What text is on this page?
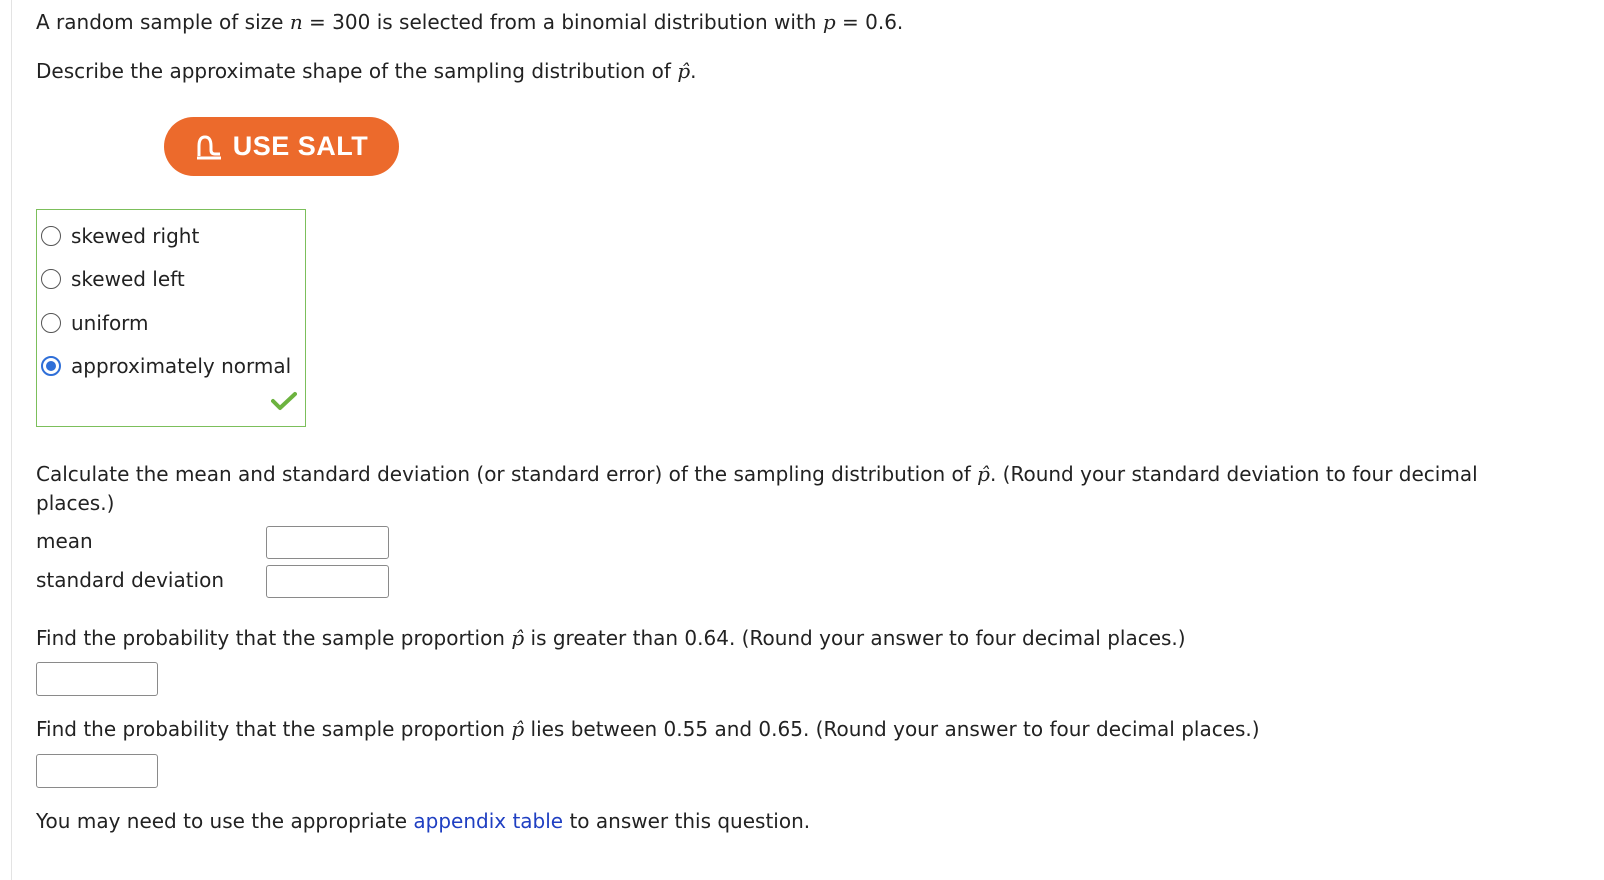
A random sample of size n = 300 is selected from a binomial distribution with p = 0.6.
Describe the approximate shape of the sampling distribution of p̂.
USE SALT
skewed right
skewed left
uniform
approximately normal
Calculate the mean and standard deviation (or standard error) of the sampling distribution of p̂. (Round your standard deviation to four decimal places.)
mean
standard deviation
Find the probability that the sample proportion p̂ is greater than 0.64. (Round your answer to four decimal places.)
Find the probability that the sample proportion p̂ lies between 0.55 and 0.65. (Round your answer to four decimal places.)
You may need to use the appropriate appendix table to answer this question.
